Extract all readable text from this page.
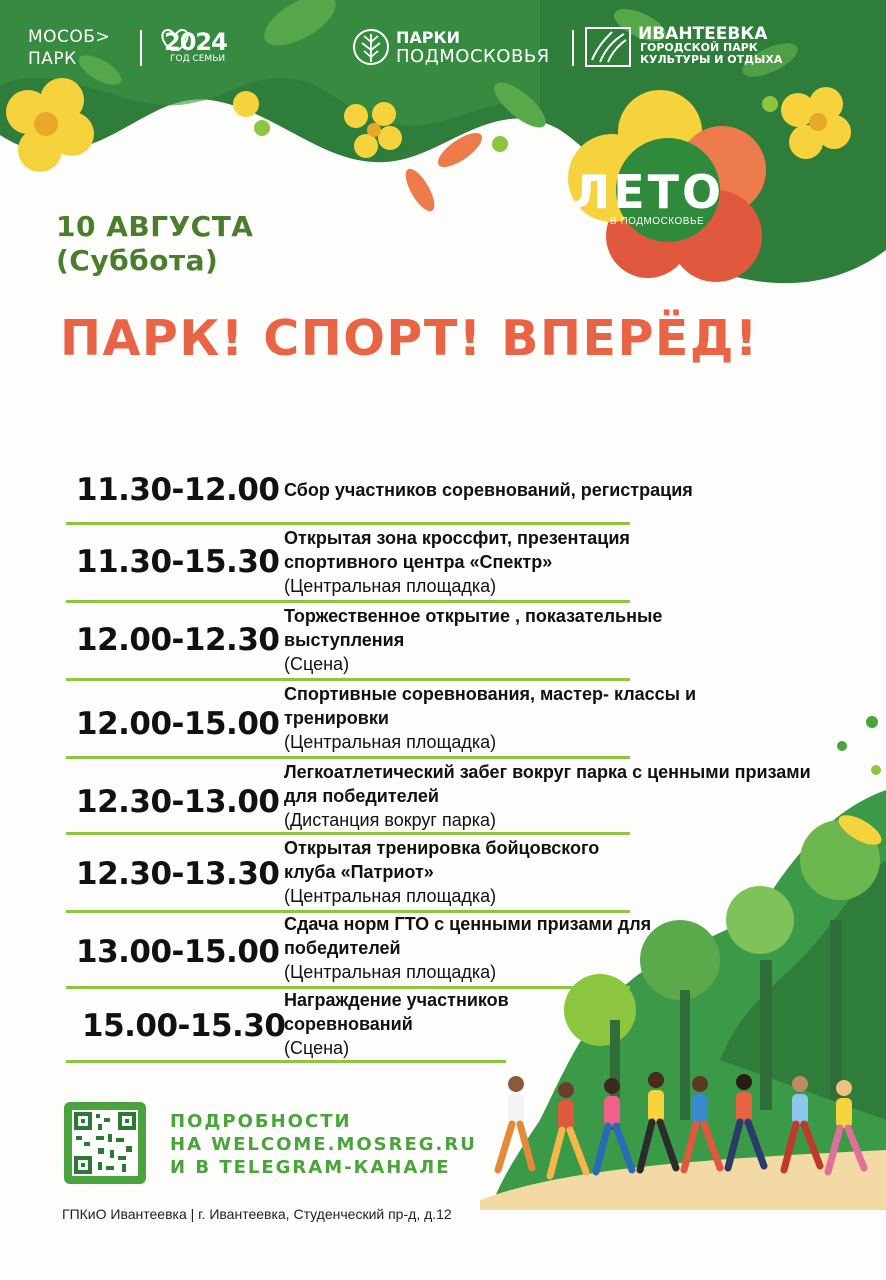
МОСОБ>
ПАРК
2024
ГОД СЕМЬИ
ПАРКИ
ПОДМОСКОВЬЯ
ИВАНТЕЕВКА
ГОРОДСКОЙ ПАРК
КУЛЬТУРЫ И ОТДЫХА
ЛЕТО
В ПОДМОСКОВЬЕ
10 АВГУСТА
(Суббота)
ПАРК! СПОРТ! ВПЕРЁД!
11.30-12.00 Сбор участников соревнований, регистрация
11.30-15.30
Открытая зона кроссфит, презентация спортивного центра «Спектр»
(Центральная площадка)
12.00-12.30
Торжественное открытие , показательные выступления
(Сцена)
12.00-15.00
Спортивные соревнования, мастер- классы и тренировки
(Центральная площадка)
12.30-13.00
Легкоатлетический забег вокруг парка с ценными призами для победителей
(Дистанция вокруг парка)
12.30-13.30
Открытая тренировка бойцовского клуба «Патриот»
(Центральная площадка)
13.00-15.00
Сдача норм ГТО с ценными призами для победителей
(Центральная площадка)
15.00-15.30
Награждение участников соревнований
(Сцена)
ПОДРОБНОСТИ
НА WELCOME.MOSREG.RU
И В TELEGRAM-КАНАЛЕ
ГПКиО Ивантеевка | г. Ивантеевка, Студенческий пр-д, д.12
